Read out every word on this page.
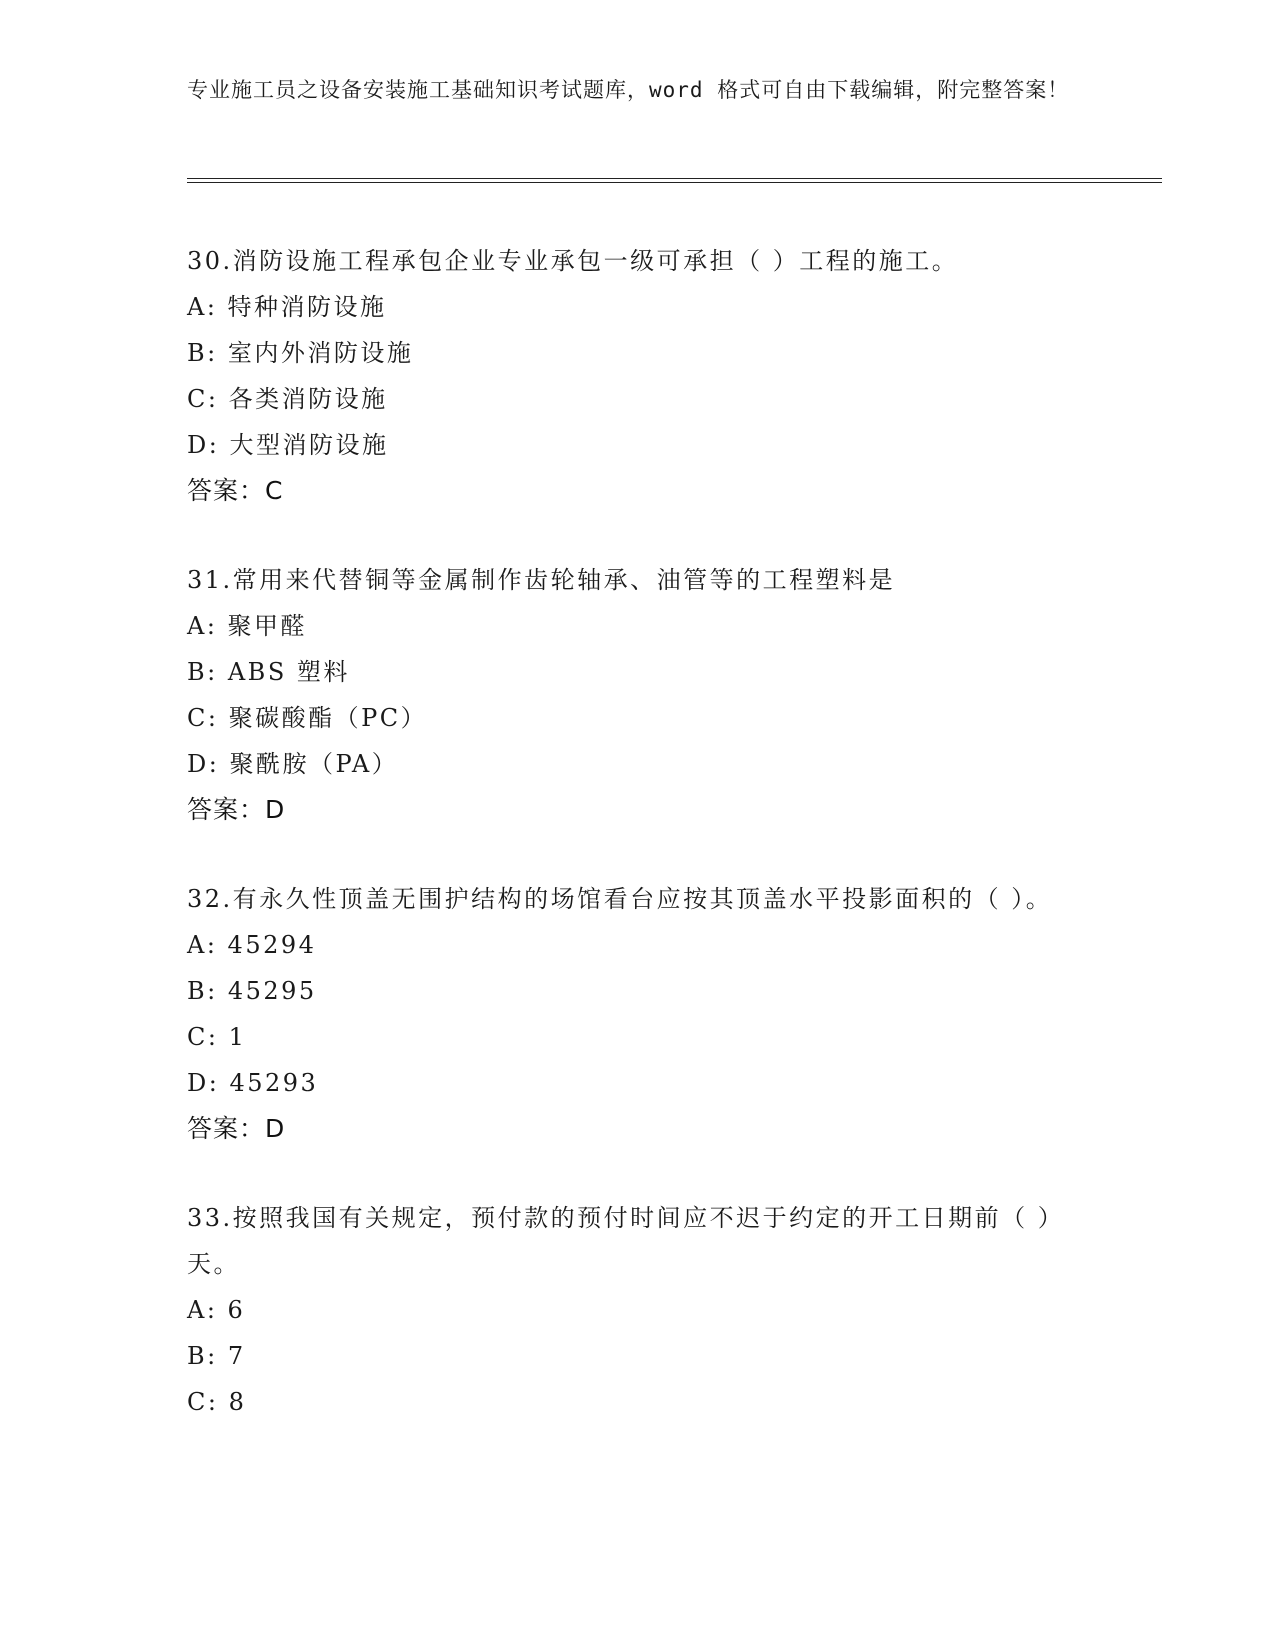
专业施工员之设备安装施工基础知识考试题库，word 格式可自由下载编辑，附完整答案！
30.消防设施工程承包企业专业承包一级可承担（ ）工程的施工。
A: 特种消防设施
B: 室内外消防设施
C: 各类消防设施
D: 大型消防设施
答案：C
31.常用来代替铜等金属制作齿轮轴承、油管等的工程塑料是
A: 聚甲醛
B: ABS 塑料
C: 聚碳酸酯（PC）
D: 聚酰胺（PA）
答案：D
32.有永久性顶盖无围护结构的场馆看台应按其顶盖水平投影面积的（ ）。
A: 45294
B: 45295
C: 1
D: 45293
答案：D
33.按照我国有关规定，预付款的预付时间应不迟于约定的开工日期前（ ）天。
A: 6
B: 7
C: 8
